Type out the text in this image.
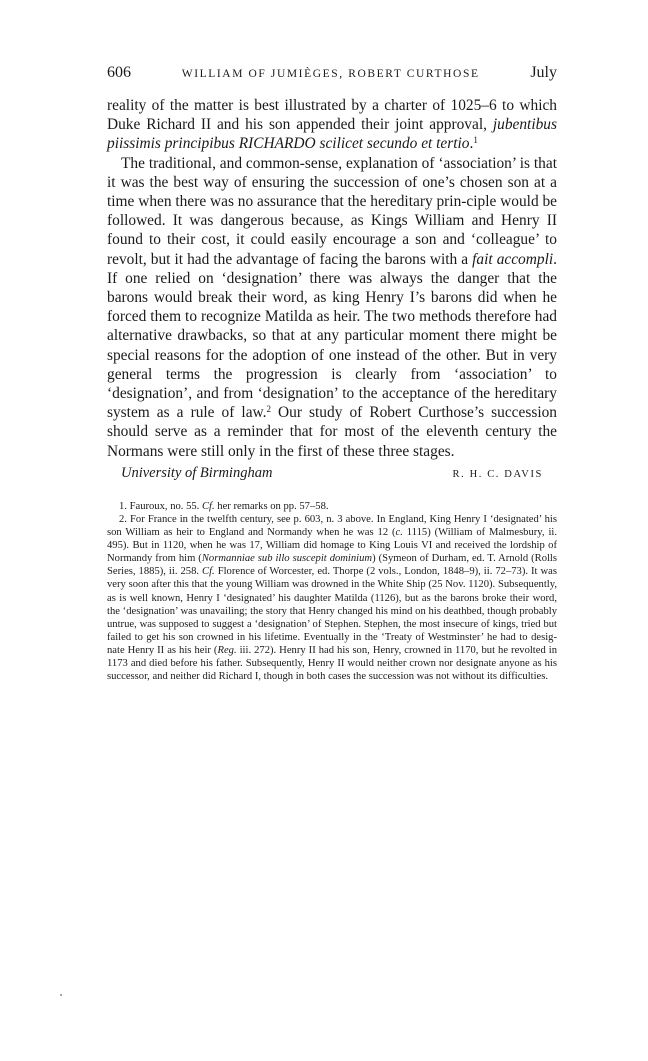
606	WILLIAM OF JUMIÈGES, ROBERT CURTHOSE	July

reality of the matter is best illustrated by a charter of 1025–6 to which Duke Richard II and his son appended their joint approval, jubentibus piissimis principibus RICHARDO scilicet secundo et tertio.$^1$

The traditional, and common-sense, explanation of ‘association’ is that it was the best way of ensuring the succession of one’s chosen son at a time when there was no assurance that the hereditary prin-ciple would be followed. It was dangerous because, as Kings William and Henry II found to their cost, it could easily encourage a son and ‘colleague’ to revolt, but it had the advantage of facing the barons with a fait accompli. If one relied on ‘designation’ there was always the danger that the barons would break their word, as king Henry I’s barons did when he forced them to recognize Matilda as heir. The two methods therefore had alternative drawbacks, so that at any particular moment there might be special reasons for the adoption of one instead of the other. But in very general terms the progression is clearly from ‘association’ to ‘designation’, and from ‘designation’ to the acceptance of the hereditary system as a rule of law.$^2$ Our study of Robert Curthose’s succession should serve as a reminder that for most of the eleventh century the Normans were still only in the first of these three stages.

University of Birmingham	R. H. C. DAVIS

1. Fauroux, no. 55. Cf. her remarks on pp. 57–58.

2. For France in the twelfth century, see p. 603, n. 3 above. In England, King Henry I ‘designated’ his son William as heir to England and Normandy when he was 12 (c. 1115) (William of Malmesbury, ii. 495). But in 1120, when he was 17, William did homage to King Louis VI and received the lordship of Normandy from him (Normanniae sub illo suscepit dominium) (Symeon of Durham, ed. T. Arnold (Rolls Series, 1885), ii. 258. Cf. Florence of Worcester, ed. Thorpe (2 vols., London, 1848–9), ii. 72–73). It was very soon after this that the young William was drowned in the White Ship (25 Nov. 1120). Subsequently, as is well known, Henry I ‘designated’ his daughter Matilda (1126), but as the barons broke their word, the ‘designation’ was unavailing; the story that Henry changed his mind on his deathbed, though probably untrue, was supposed to suggest a ‘designation’ of Stephen. Stephen, the most insecure of kings, tried but failed to get his son crowned in his lifetime. Eventually in the ‘Treaty of Westminster’ he had to desig-nate Henry II as his heir (Reg. iii. 272). Henry II had his son, Henry, crowned in 1170, but he revolted in 1173 and died before his father. Subsequently, Henry II would neither crown nor designate anyone as his successor, and neither did Richard I, though in both cases the succession was not without its difficulties.
